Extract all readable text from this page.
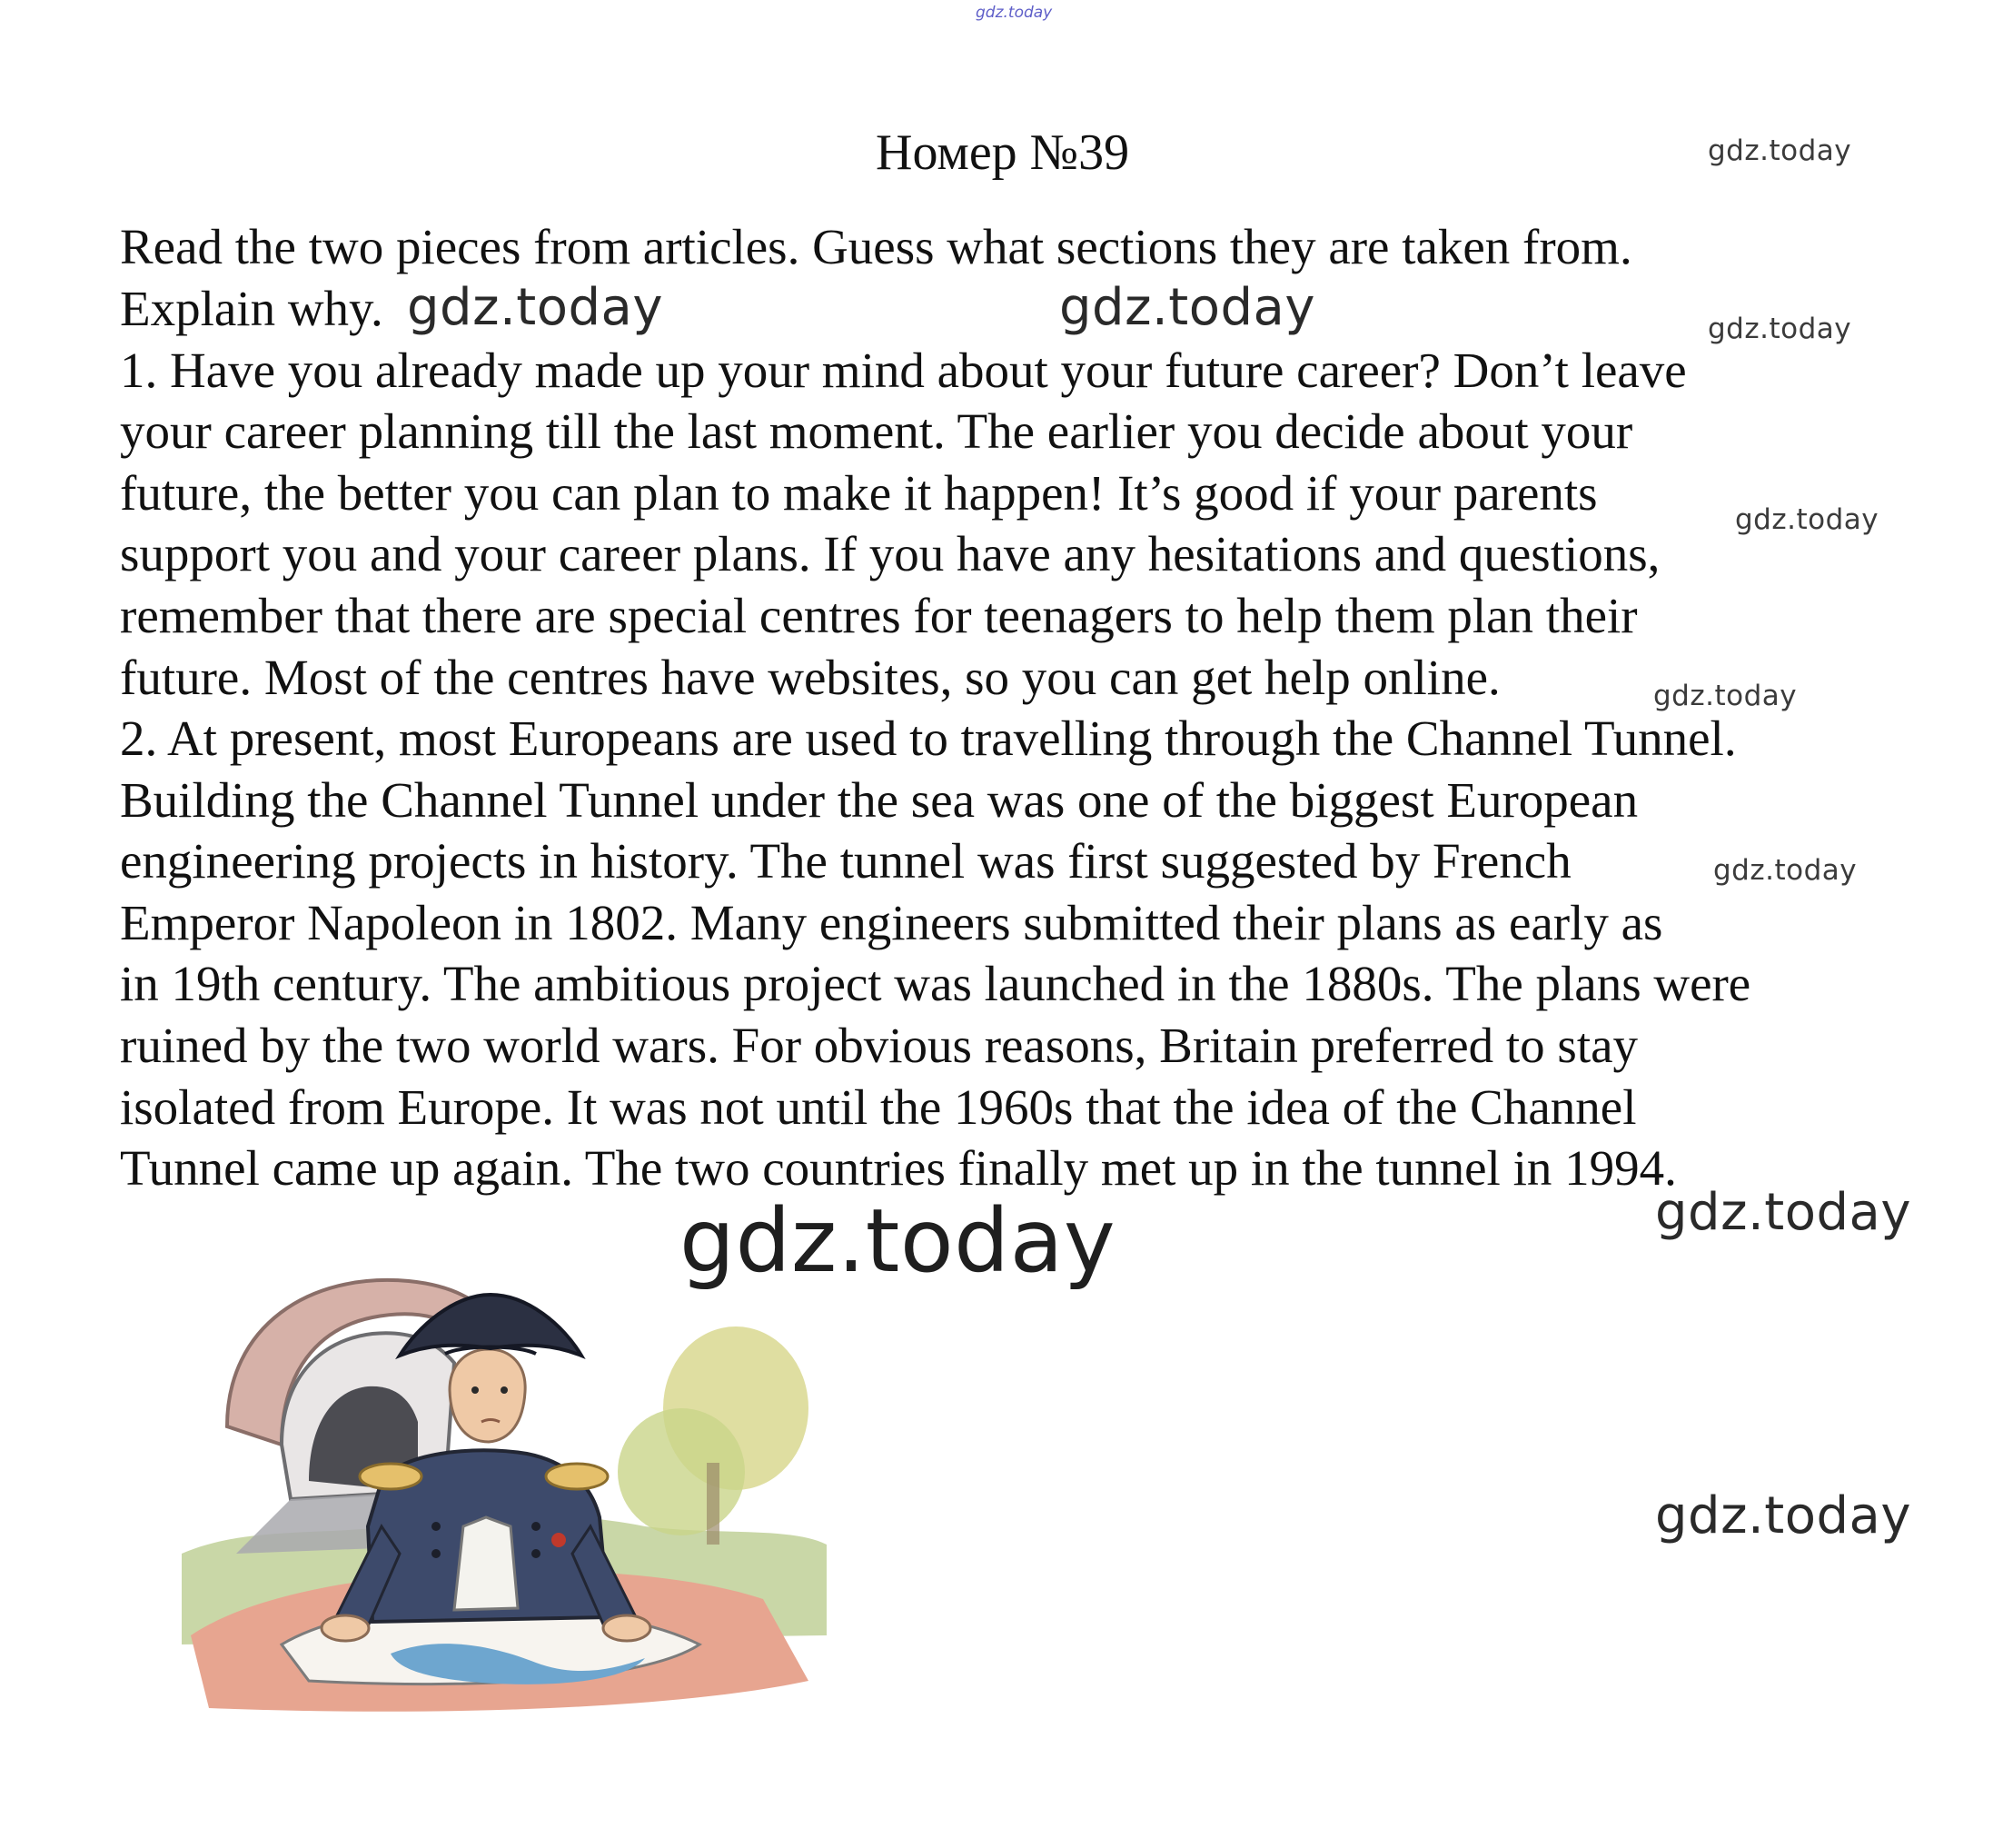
gdz.today
Номер №39
Read the two pieces from articles. Guess what sections they are taken from.
Explain why.
1. Have you already made up your mind about your future career? Don’t leave
your career planning till the last moment. The earlier you decide about your
future, the better you can plan to make it happen! It’s good if your parents
support you and your career plans. If you have any hesitations and questions,
remember that there are special centres for teenagers to help them plan their
future. Most of the centres have websites, so you can get help online.
2. At present, most Europeans are used to travelling through the Channel Tunnel.
Building the Channel Tunnel under the sea was one of the biggest European
engineering projects in history. The tunnel was first suggested by French
Emperor Napoleon in 1802. Many engineers submitted their plans as early as
in 19th century. The ambitious project was launched in the 1880s. The plans were
ruined by the two world wars. For obvious reasons, Britain preferred to stay
isolated from Europe. It was not until the 1960s that the idea of the Channel
Tunnel came up again. The two countries finally met up in the tunnel in 1994.
gdz.today
gdz.today	gdz.today	gdz.today
gdz.today
gdz.today
gdz.today
gdz.today
gdz.today
gdz.today
